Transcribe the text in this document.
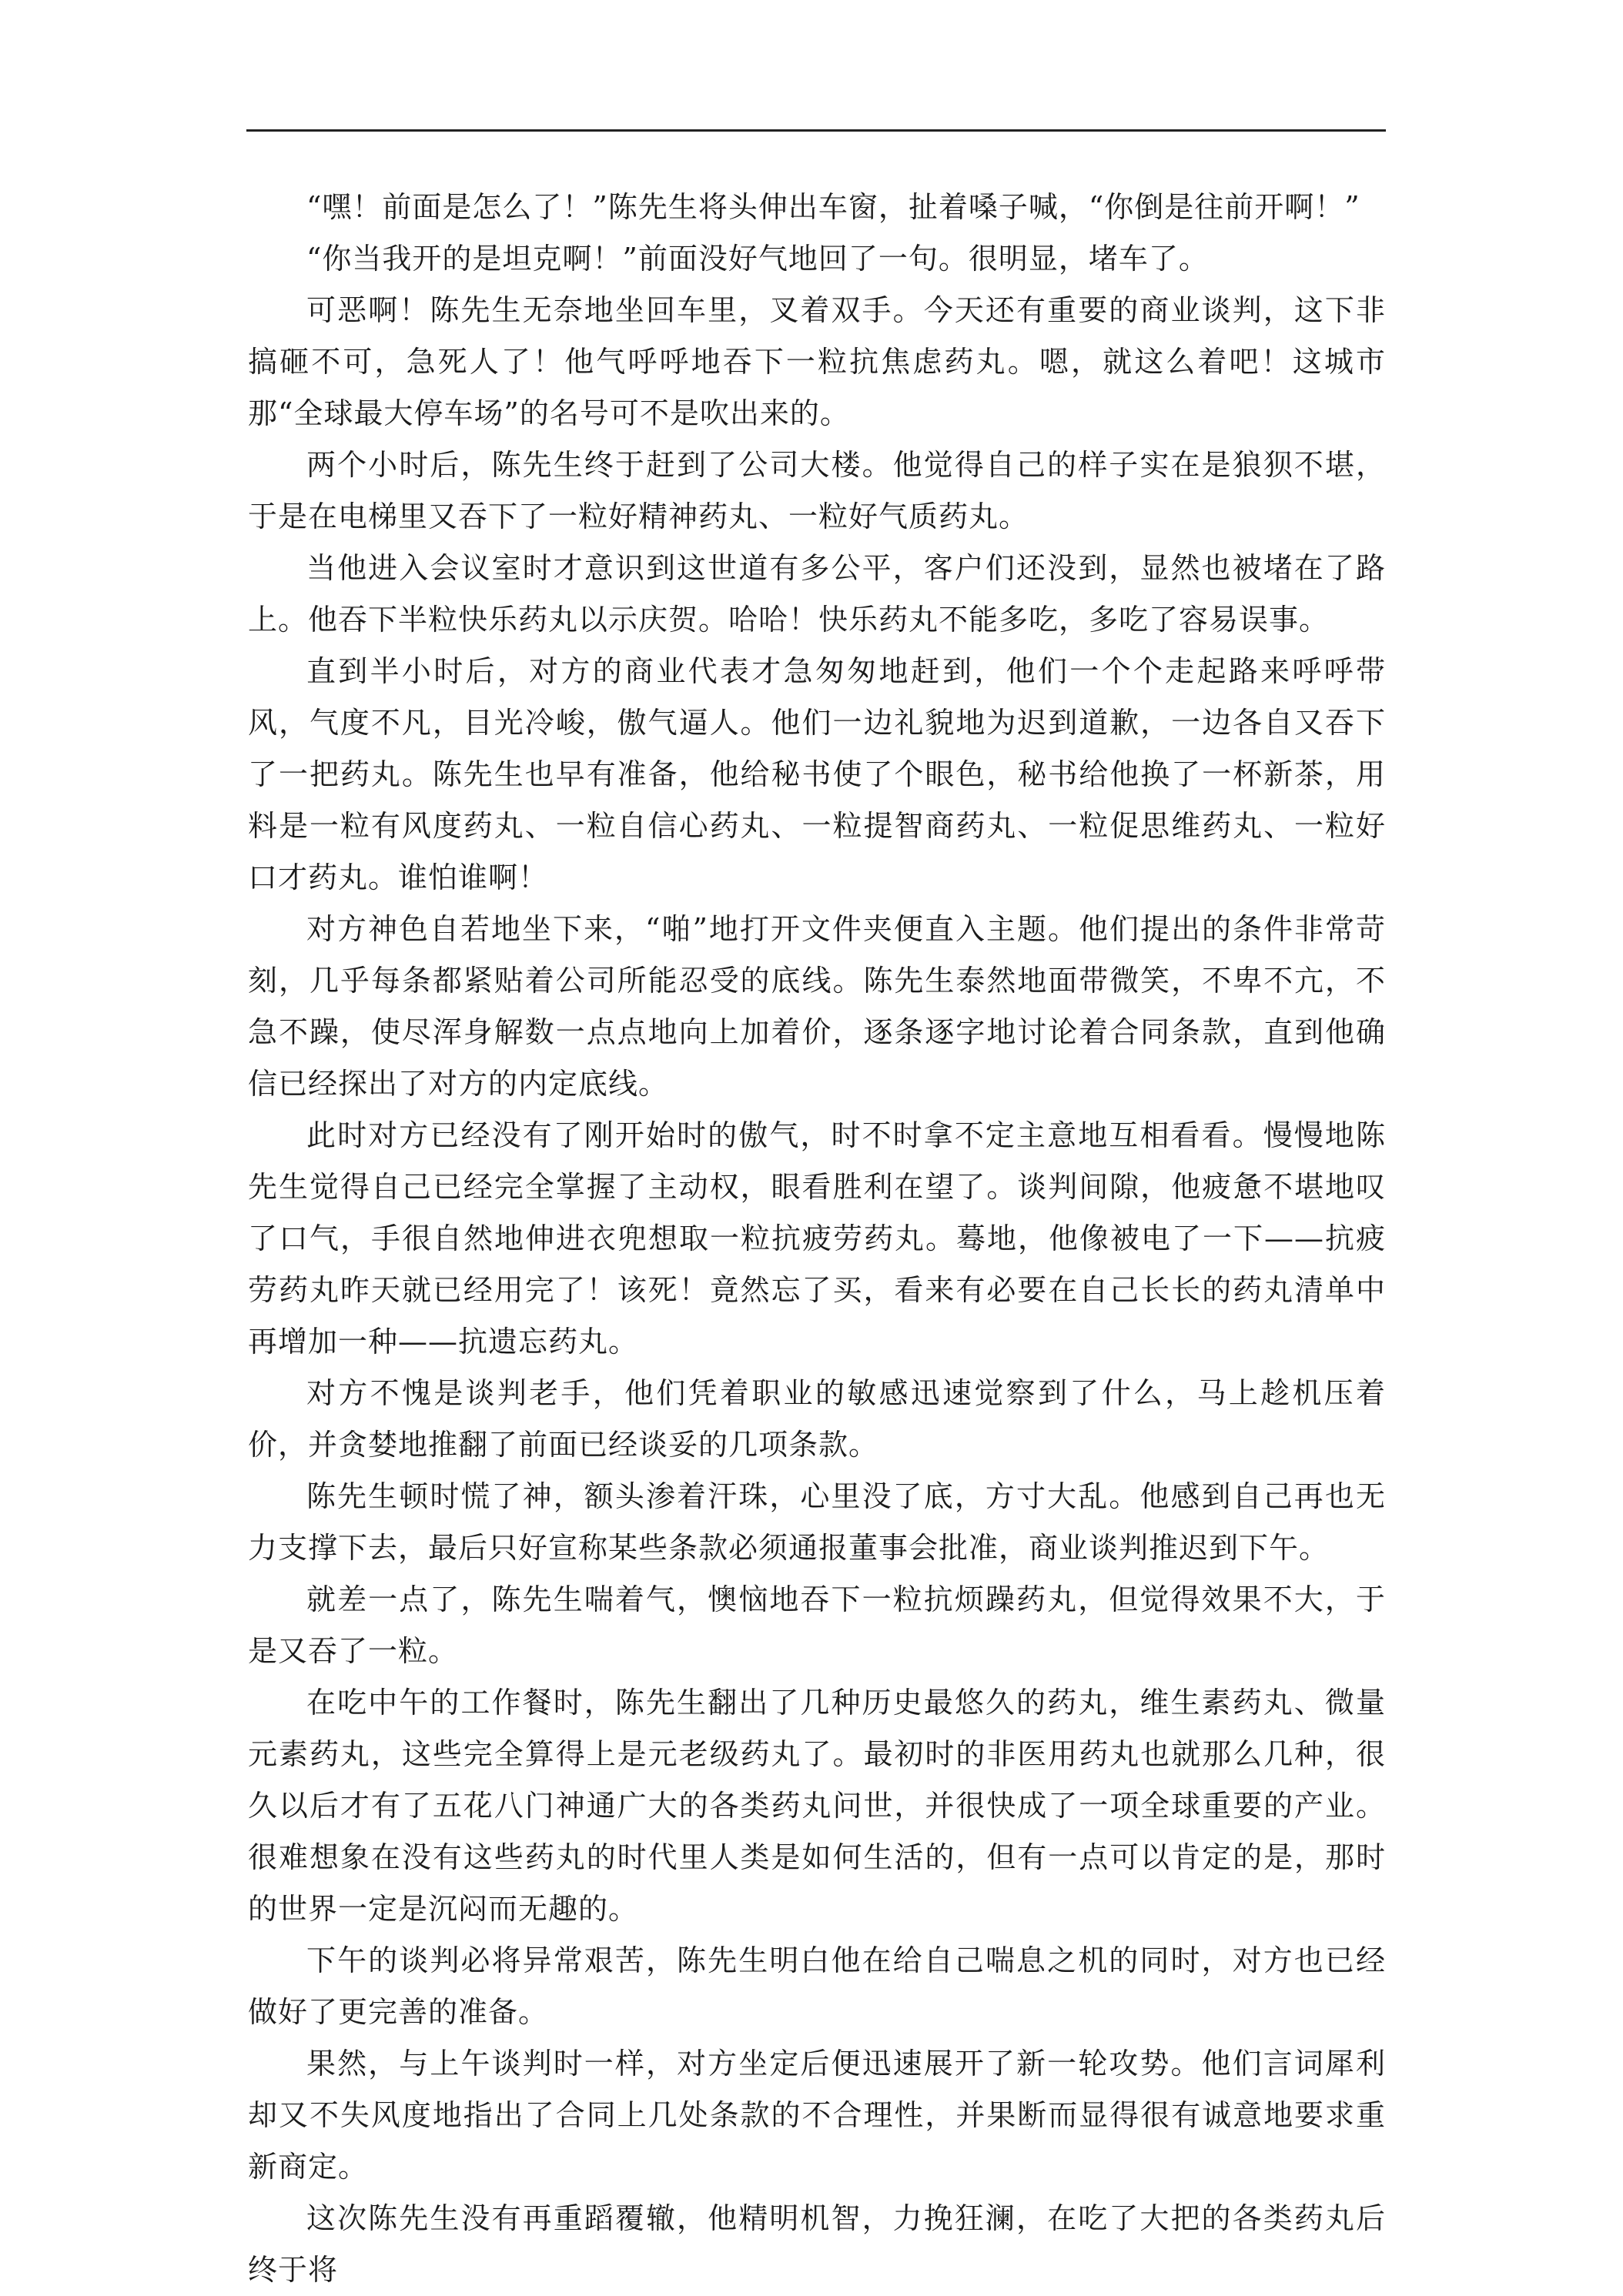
“嘿！前面是怎么了！”陈先生将头伸出车窗，扯着嗓子喊，“你倒是往前开啊！”

“你当我开的是坦克啊！”前面没好气地回了一句。很明显，堵车了。

可恶啊！陈先生无奈地坐回车里，叉着双手。今天还有重要的商业谈判，这下非搞砸不可，急死人了！他气呼呼地吞下一粒抗焦虑药丸。嗯，就这么着吧！这城市那“全球最大停车场”的名号可不是吹出来的。

两个小时后，陈先生终于赶到了公司大楼。他觉得自己的样子实在是狼狈不堪，于是在电梯里又吞下了一粒好精神药丸、一粒好气质药丸。

当他进入会议室时才意识到这世道有多公平，客户们还没到，显然也被堵在了路上。他吞下半粒快乐药丸以示庆贺。哈哈！快乐药丸不能多吃，多吃了容易误事。

直到半小时后，对方的商业代表才急匆匆地赶到，他们一个个走起路来呼呼带风，气度不凡，目光冷峻，傲气逼人。他们一边礼貌地为迟到道歉，一边各自又吞下了一把药丸。陈先生也早有准备，他给秘书使了个眼色，秘书给他换了一杯新茶，用料是一粒有风度药丸、一粒自信心药丸、一粒提智商药丸、一粒促思维药丸、一粒好口才药丸。谁怕谁啊！

对方神色自若地坐下来，“啪”地打开文件夹便直入主题。他们提出的条件非常苛刻，几乎每条都紧贴着公司所能忍受的底线。陈先生泰然地面带微笑，不卑不亢，不急不躁，使尽浑身解数一点点地向上加着价，逐条逐字地讨论着合同条款，直到他确信已经探出了对方的内定底线。

此时对方已经没有了刚开始时的傲气，时不时拿不定主意地互相看看。慢慢地陈先生觉得自己已经完全掌握了主动权，眼看胜利在望了。谈判间隙，他疲惫不堪地叹了口气，手很自然地伸进衣兜想取一粒抗疲劳药丸。蓦地，他像被电了一下——抗疲劳药丸昨天就已经用完了！该死！竟然忘了买，看来有必要在自己长长的药丸清单中再增加一种——抗遗忘药丸。

对方不愧是谈判老手，他们凭着职业的敏感迅速觉察到了什么，马上趁机压着价，并贪婪地推翻了前面已经谈妥的几项条款。

陈先生顿时慌了神，额头渗着汗珠，心里没了底，方寸大乱。他感到自己再也无力支撑下去，最后只好宣称某些条款必须通报董事会批准，商业谈判推迟到下午。

就差一点了，陈先生喘着气，懊恼地吞下一粒抗烦躁药丸，但觉得效果不大，于是又吞了一粒。

在吃中午的工作餐时，陈先生翻出了几种历史最悠久的药丸，维生素药丸、微量元素药丸，这些完全算得上是元老级药丸了。最初时的非医用药丸也就那么几种，很久以后才有了五花八门神通广大的各类药丸问世，并很快成了一项全球重要的产业。很难想象在没有这些药丸的时代里人类是如何生活的，但有一点可以肯定的是，那时的世界一定是沉闷而无趣的。

下午的谈判必将异常艰苦，陈先生明白他在给自己喘息之机的同时，对方也已经做好了更完善的准备。

果然，与上午谈判时一样，对方坐定后便迅速展开了新一轮攻势。他们言词犀利却又不失风度地指出了合同上几处条款的不合理性，并果断而显得很有诚意地要求重新商定。

这次陈先生没有再重蹈覆辙，他精明机智，力挽狂澜，在吃了大把的各类药丸后终于将
